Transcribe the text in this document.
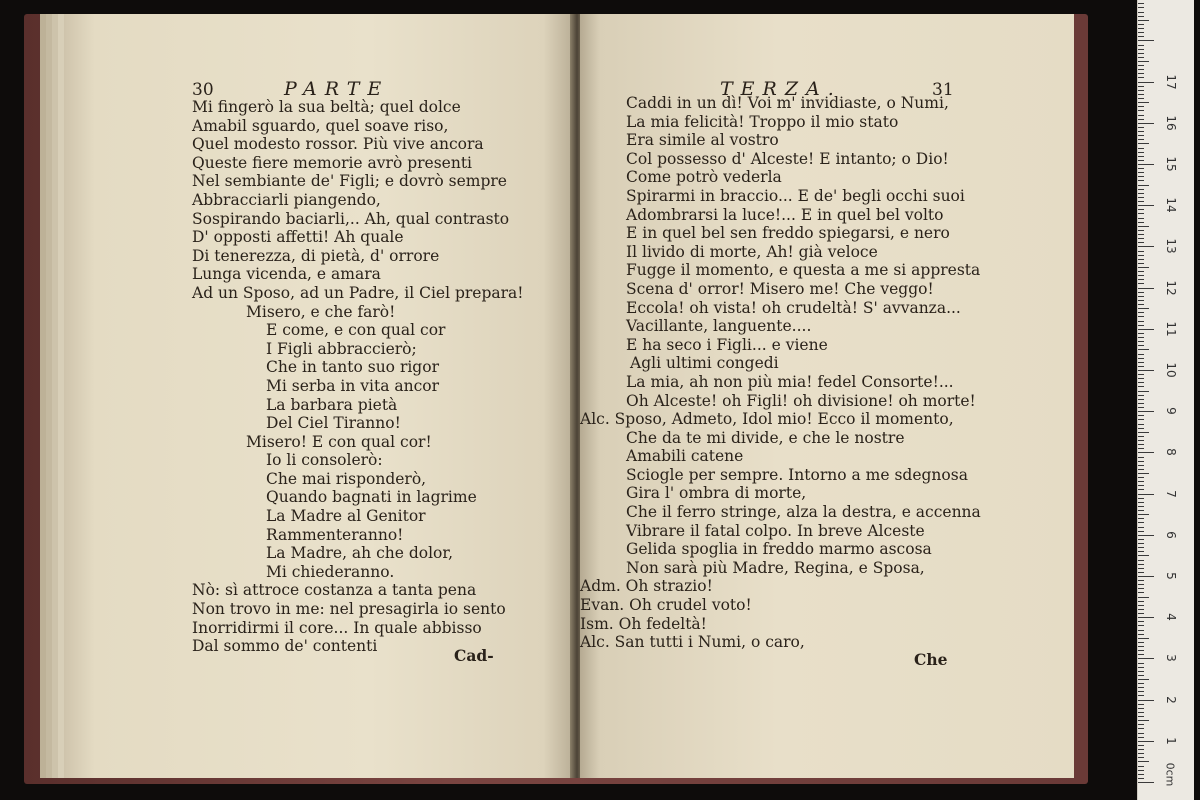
30	PARTE
Mi fingerò la sua beltà; quel dolce
Amabil sguardo, quel soave riso,
Quel modesto rossor. Più vive ancora
Queste fiere memorie avrò presenti
Nel sembiante de' Figli; e dovrò sempre
Abbracciarli piangendo,
Sospirando baciarli,.. Ah, qual contrasto
D' opposti affetti! Ah quale
Di tenerezza, di pietà, d' orrore
Lunga vicenda, e amara
Ad un Sposo, ad un Padre, il Ciel prepara!
Misero, e che farò!
E come, e con qual cor
I Figli abbraccierò;
Che in tanto suo rigor
Mi serba in vita ancor
La barbara pietà
Del Ciel Tiranno!
Misero! E con qual cor!
Io li consolerò:
Che mai risponderò,
Quando bagnati in lagrime
La Madre al Genitor
Rammenteranno!
La Madre, ah che dolor,
Mi chiederanno.
Nò: sì attroce costanza a tanta pena
Non trovo in me: nel presagirla io sento
Inorridirmi il core... In quale abbisso
Dal sommo de' contenti	Cad-
TERZA.	31
Caddi in un dì! Voi m' invidiaste, o Numi,
La mia felicità! Troppo il mio stato
Era simile al vostro
Col possesso d' Alceste! E intanto; o Dio!
Come potrò vederla
Spirarmi in braccio... E de' begli occhi suoi
Adombrarsi la luce!... E in quel bel volto
E in quel bel sen freddo spiegarsi, e nero
Il livido di morte, Ah! già veloce
Fugge il momento, e questa a me si appresta
Scena d' orror! Misero me! Che veggo!
Eccola! oh vista! oh crudeltà! S' avvanza...
Vacillante, languente....
E ha seco i Figli... e viene
Agli ultimi congedi
La mia, ah non più mia! fedel Consorte!...
Oh Alceste! oh Figli! oh divisione! oh morte!
Alc. Sposo, Admeto, Idol mio! Ecco il momento,
Che da te mi divide, e che le nostre
Amabili catene
Sciogle per sempre. Intorno a me sdegnosa
Gira l' ombra di morte,
Che il ferro stringe, alza la destra, e accenna
Vibrare il fatal colpo. In breve Alceste
Gelida spoglia in freddo marmo ascosa
Non sarà più Madre, Regina, e Sposa,
Adm. Oh strazio!
Evan. Oh crudel voto!
Ism. Oh fedeltà!
Alc. San tutti i Numi, o caro,
Che
0cm
1
2
3
4
5
6
7
8
9
10
11
12
13
14
15
16
17
